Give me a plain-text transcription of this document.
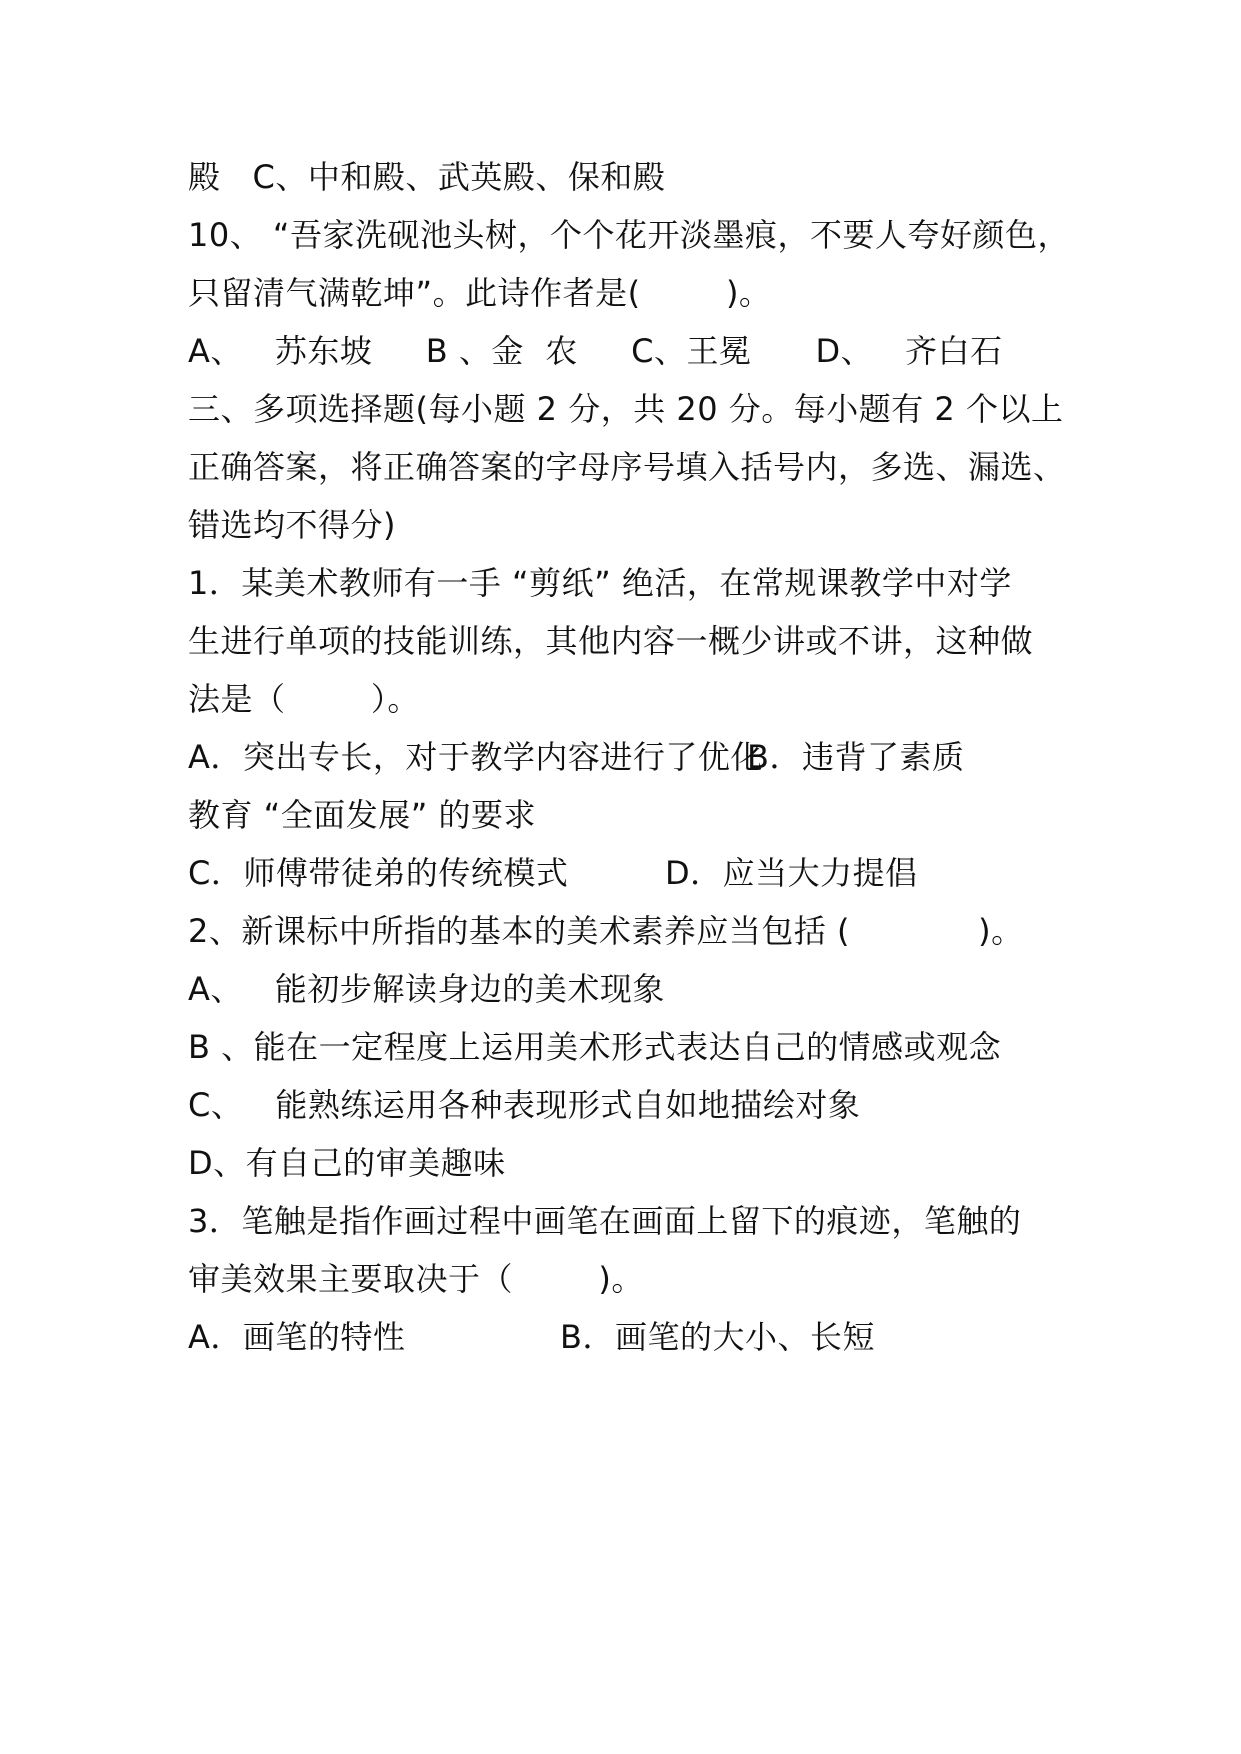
殿   C、中和殿、武英殿、保和殿
10、 “吾家洗砚池头树，个个花开淡墨痕，不要人夸好颜色，
只留清气满乾坤”。此诗作者是(        )。
A、   苏东坡     B 、金  农     C、王冕      D、   齐白石
三、多项选择题(每小题 2 分，共 20 分。每小题有 2 个以上
正确答案，将正确答案的字母序号填入括号内，多选、漏选、
错选均不得分)
1．某美术教师有一手 “剪纸” 绝活，在常规课教学中对学
生进行单项的技能训练，其他内容一概少讲或不讲，这种做
法是（        ）。

A．突出专长，对于教学内容进行了优化

B．违背了素质

教育 “全面发展” 的要求

C．师傅带徒弟的传统模式

	D．应当大力提倡

2、新课标中所指的基本的美术素养应当包括 (            )。
A、   能初步解读身边的美术现象
B 、能在一定程度上运用美术形式表达自己的情感或观念
C、   能熟练运用各种表现形式自如地描绘对象
D、有自己的审美趣味
3．笔触是指作画过程中画笔在画面上留下的痕迹，笔触的
审美效果主要取决于（        )。

A．画笔的特性

	B．画笔的大小、长短
